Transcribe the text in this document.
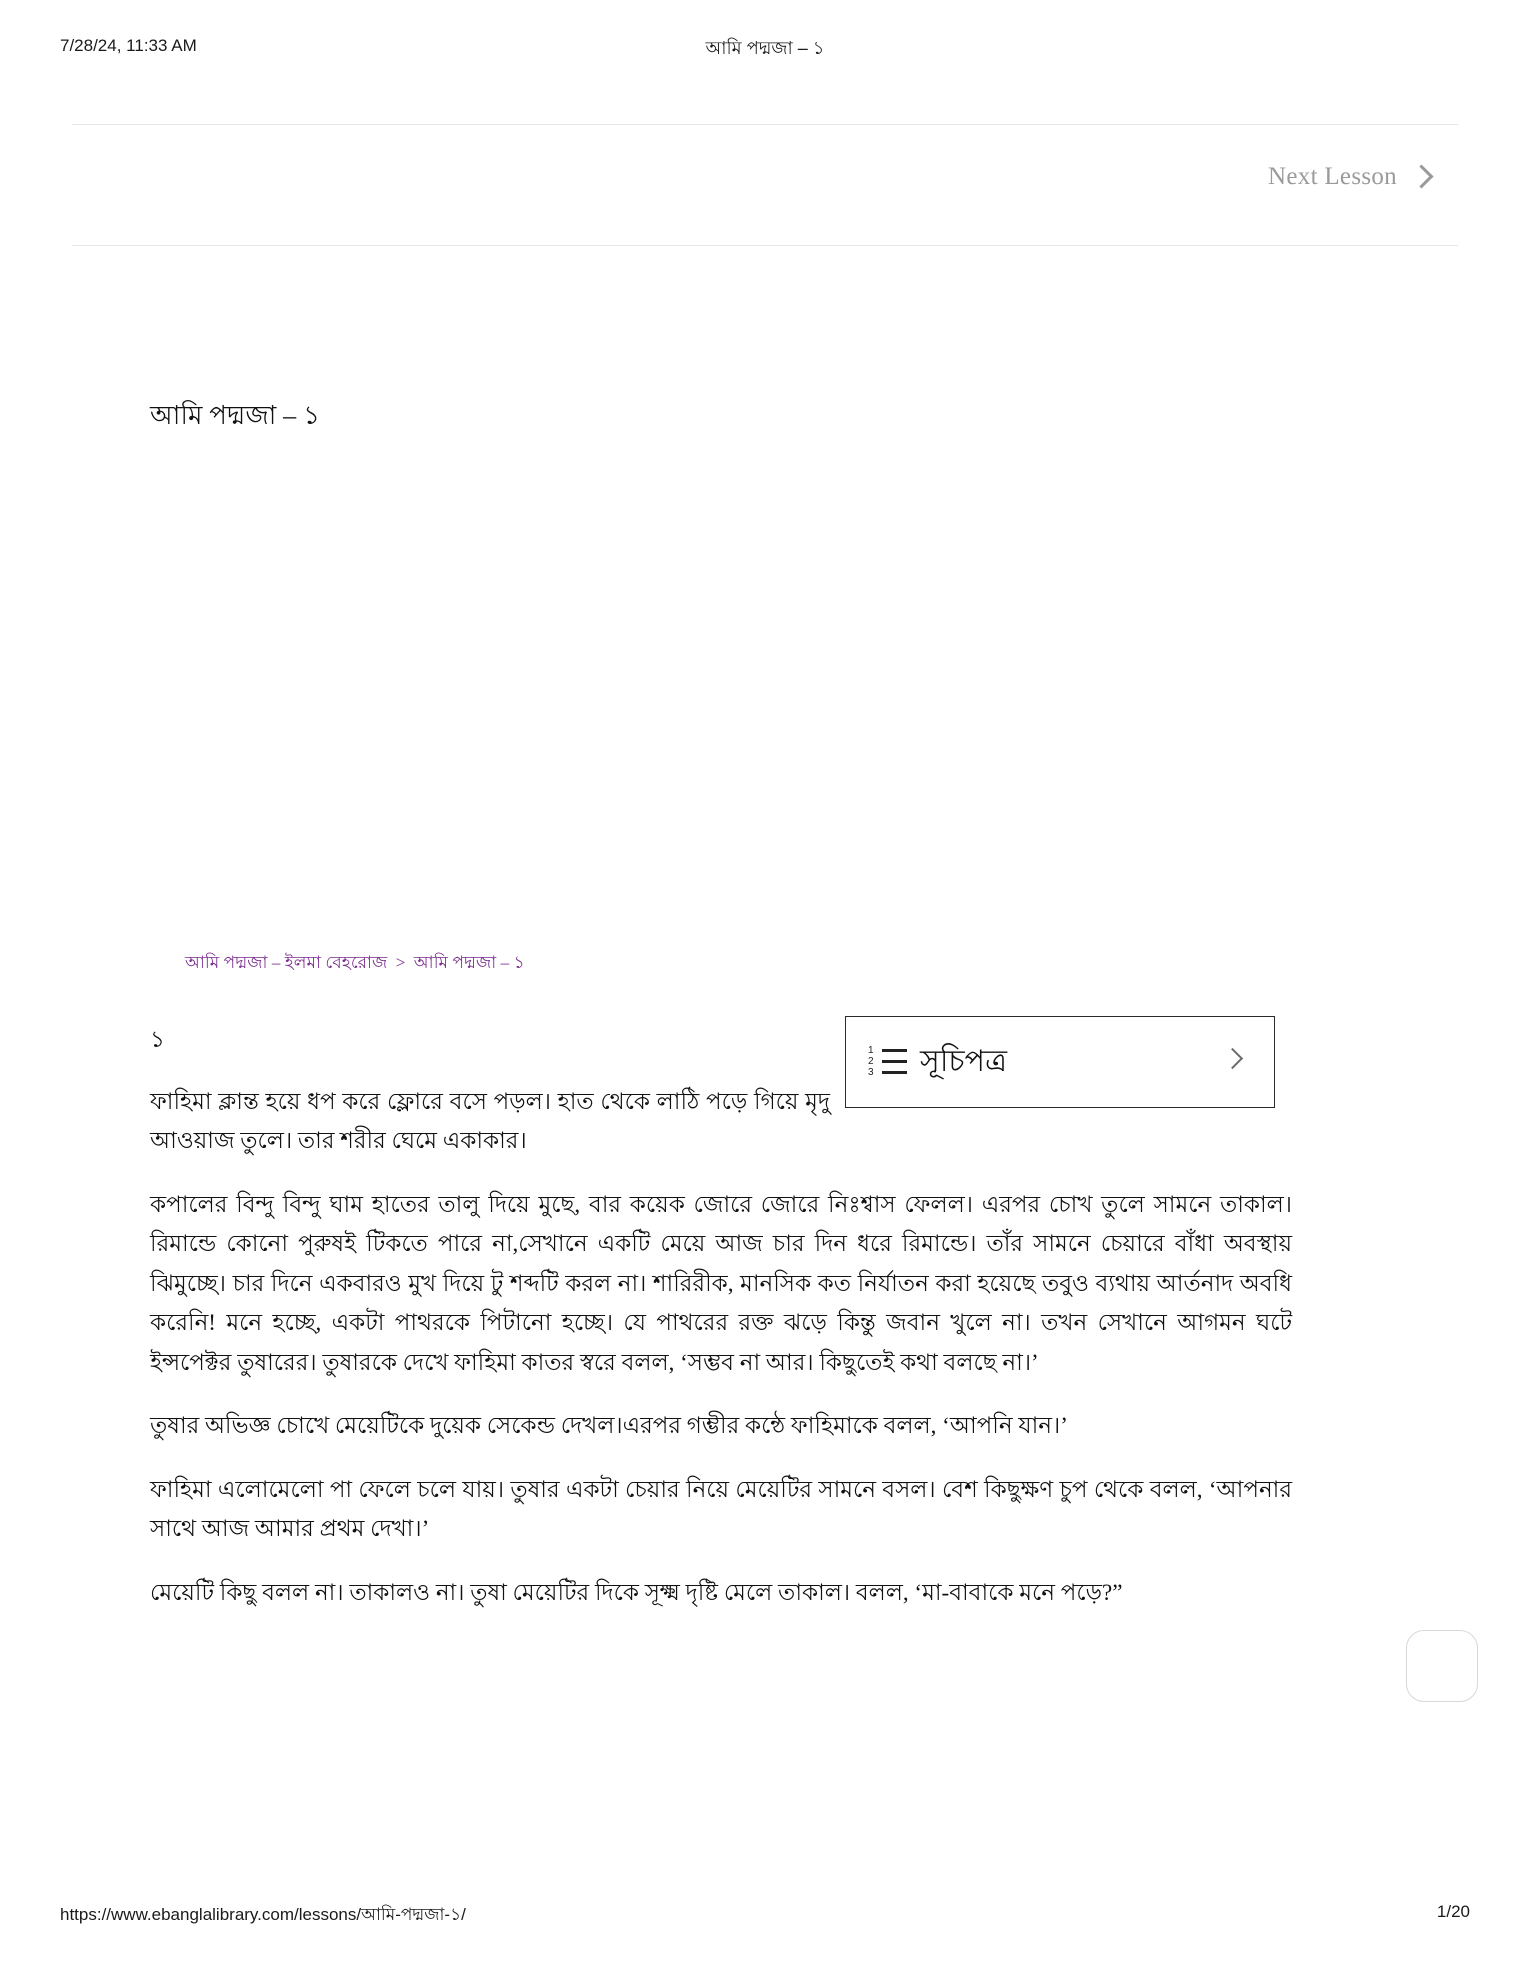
7/28/24, 11:33 AM	আমি পদ্মজা – ১
Next Lesson
আমি পদ্মজা – ১
আমি পদ্মজা – ইলমা বেহরোজ > আমি পদ্মজা – ১
1
2
3 সূচিপত্র

১

ফাহিমা ক্লান্ত হয়ে ধপ করে ফ্লোরে বসে পড়ল। হাত থেকে লাঠি পড়ে গিয়ে মৃদু আওয়াজ তুলে। তার শরীর ঘেমে একাকার।

কপালের বিন্দু বিন্দু ঘাম হাতের তালু দিয়ে মুছে, বার কয়েক জোরে জোরে নিঃশ্বাস ফেলল। এরপর চোখ তুলে সামনে তাকাল। রিমান্ডে কোনো পুরুষই টিকতে পারে না,সেখানে একটি মেয়ে আজ চার দিন ধরে রিমান্ডে। তাঁর সামনে চেয়ারে বাঁধা অবস্থায় ঝিমুচ্ছে। চার দিনে একবারও মুখ দিয়ে টু শব্দটি করল না। শারিরীক, মানসিক কত নির্যাতন করা হয়েছে তবুও ব্যথায় আর্তনাদ অবধি করেনি! মনে হচ্ছে, একটা পাথরকে পিটানো হচ্ছে। যে পাথরের রক্ত ঝড়ে কিন্তু জবান খুলে না। তখন সেখানে আগমন ঘটে ইন্সপেক্টর তুষারের। তুষারকে দেখে ফাহিমা কাতর স্বরে বলল, ‘সম্ভব না আর। কিছুতেই কথা বলছে না।’

তুষার অভিজ্ঞ চোখে মেয়েটিকে দুয়েক সেকেন্ড দেখল।এরপর গম্ভীর কন্ঠে ফাহিমাকে বলল, ‘আপনি যান।’

ফাহিমা এলোমেলো পা ফেলে চলে যায়। তুষার একটা চেয়ার নিয়ে মেয়েটির সামনে বসল। বেশ কিছুক্ষণ চুপ থেকে বলল, ‘আপনার সাথে আজ আমার প্রথম দেখা।’

মেয়েটি কিছু বলল না। তাকালও না। তুষা মেয়েটির দিকে সূক্ষ্ম দৃষ্টি মেলে তাকাল। বলল, ‘মা-বাবাকে মনে পড়ে?”

https://www.ebanglalibrary.com/lessons/আমি-পদ্মজা-১/	1/20
